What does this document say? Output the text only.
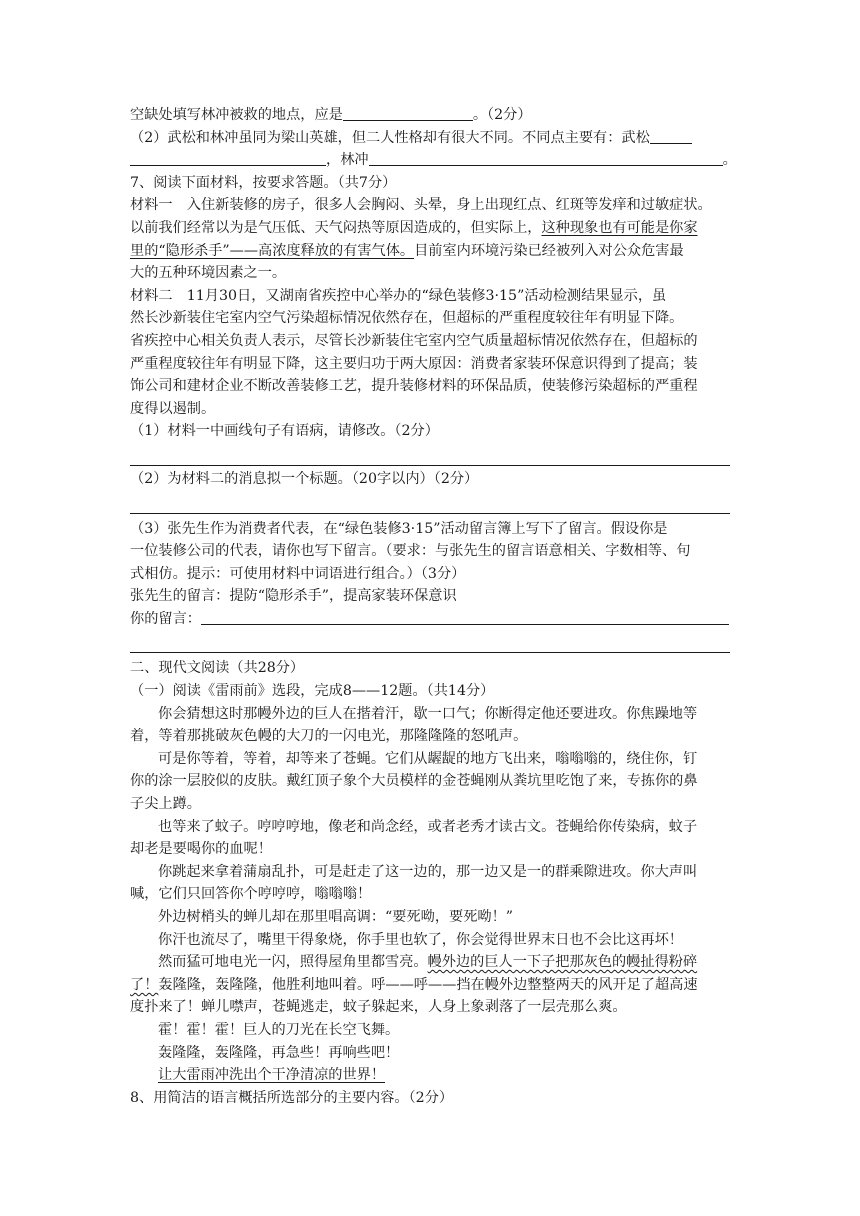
空缺处填写林冲被救的地点，应是	。（2分）
（2）武松和林冲虽同为梁山英雄，但二人性格却有很大不同。不同点主要有：武松
，林冲	。
7、阅读下面材料，按要求答题。（共7分）
材料一　入住新装修的房子，很多人会胸闷、头晕，身上出现红点、红斑等发痒和过敏症状。
以前我们经常以为是气压低、天气闷热等原因造成的，但实际上，这种现象也有可能是你家
里的“隐形杀手”——高浓度释放的有害气体。目前室内环境污染已经被列入对公众危害最
大的五种环境因素之一。
材料二　11月30日，又湖南省疾控中心举办的“绿色装修3·15”活动检测结果显示，虽
然长沙新装住宅室内空气污染超标情况依然存在，但超标的严重程度较往年有明显下降。
省疾控中心相关负责人表示，尽管长沙新装住宅室内空气质量超标情况依然存在，但超标的
严重程度较往年有明显下降，这主要归功于两大原因：消费者家装环保意识得到了提高；装
饰公司和建材企业不断改善装修工艺，提升装修材料的环保品质，使装修污染超标的严重程
度得以遏制。
（1）材料一中画线句子有语病，请修改。（2分）
（2）为材料二的消息拟一个标题。（20字以内）（2分）
（3）张先生作为消费者代表，在“绿色装修3·15”活动留言簿上写下了留言。假设你是
一位装修公司的代表，请你也写下留言。（要求：与张先生的留言语意相关、字数相等、句
式相仿。提示：可使用材料中词语进行组合。）（3分）
张先生的留言：提防“隐形杀手”，提高家装环保意识
你的留言：
二、现代文阅读（共28分）
（一）阅读《雷雨前》选段，完成8——12题。（共14分）
你会猜想这时那幔外边的巨人在揩着汗，歇一口气；你断得定他还要进攻。你焦躁地等
着，等着那挑破灰色幔的大刀的一闪电光，那隆隆隆的怒吼声。
可是你等着，等着，却等来了苍蝇。它们从龌龊的地方飞出来，嗡嗡嗡的，绕住你，钉
你的涂一层胶似的皮肤。戴红顶子象个大员模样的金苍蝇刚从粪坑里吃饱了来，专拣你的鼻
子尖上蹲。
也等来了蚊子。哼哼哼地，像老和尚念经，或者老秀才读古文。苍蝇给你传染病，蚊子
却老是要喝你的血呢！
你跳起来拿着蒲扇乱扑，可是赶走了这一边的，那一边又是一的群乘隙进攻。你大声叫
喊，它们只回答你个哼哼哼，嗡嗡嗡！
外边树梢头的蝉儿却在那里唱高调：“要死呦，要死呦！”
你汗也流尽了，嘴里干得象烧，你手里也软了，你会觉得世界末日也不会比这再坏！
然而猛可地电光一闪，照得屋角里都雪亮。幔外边的巨人一下子把那灰色的幔扯得粉碎
了！轰隆隆，轰隆隆，他胜利地叫着。呼——呼——挡在幔外边整整两天的风开足了超高速
度扑来了！蝉儿噤声，苍蝇逃走，蚊子躲起来，人身上象剥落了一层壳那么爽。
霍！霍！霍！巨人的刀光在长空飞舞。
轰隆隆，轰隆隆，再急些！再响些吧！
让大雷雨冲洗出个干净清凉的世界！
8、用简洁的语言概括所选部分的主要内容。（2分）
